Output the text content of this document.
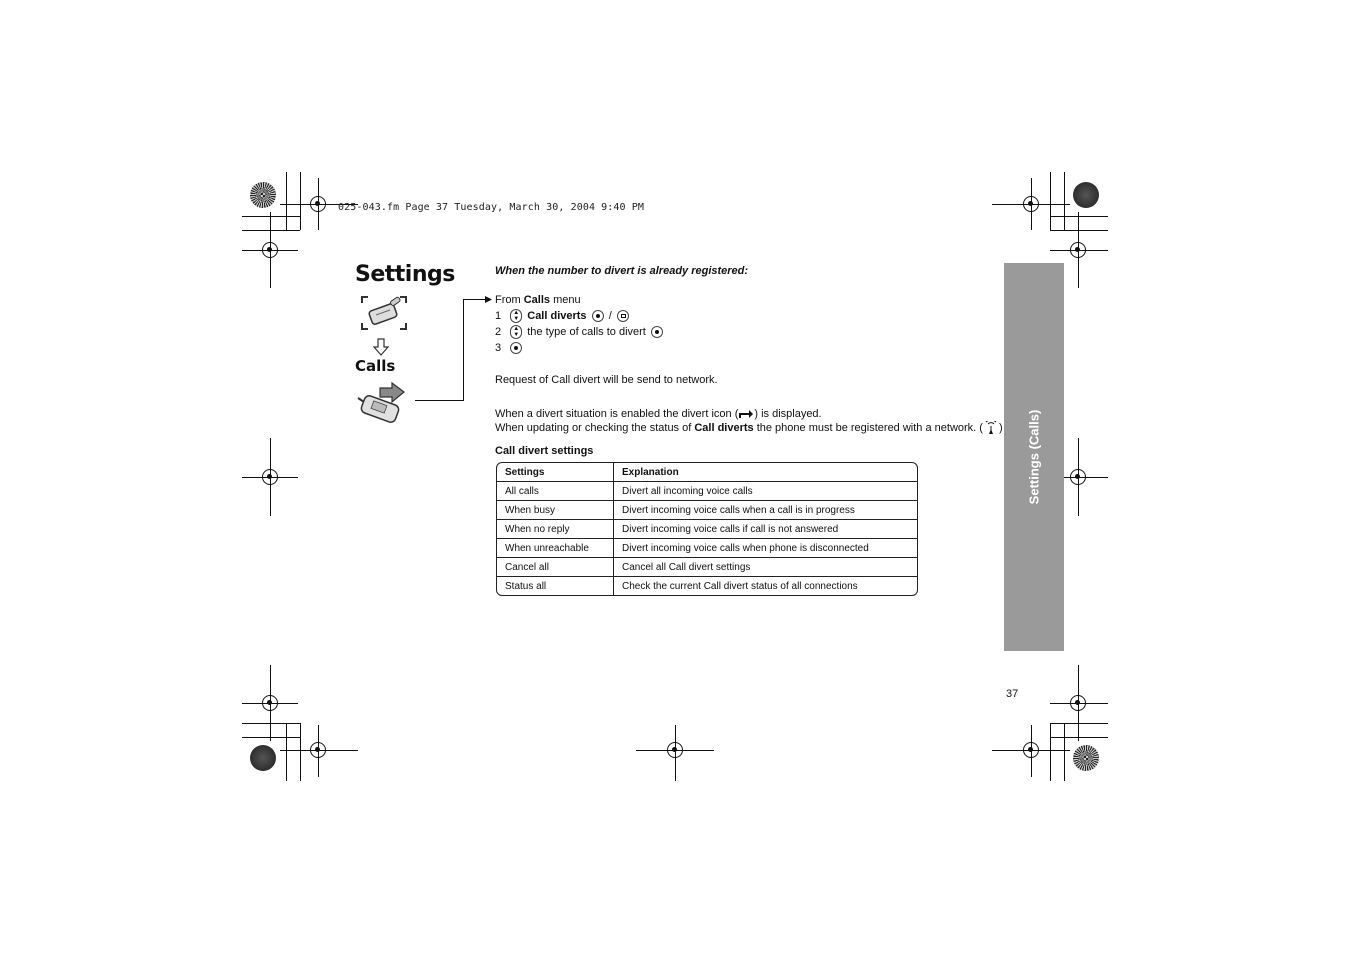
025-043.fm Page 37 Tuesday, March 30, 2004 9:40 PM
Settings
Calls
When the number to divert is already registered:
From Calls menu
1 ▲
▼ Call diverts /
2 ▲
▼ the type of calls to divert
3
Request of Call divert will be send to network.
When a divert situation is enabled the divert icon ( ) is displayed.
When updating or checking the status of Call diverts the phone must be registered with a network. ( )
Call divert settings
Settings	Explanation
All calls	Divert all incoming voice calls
When busy	Divert incoming voice calls when a call is in progress
When no reply	Divert incoming voice calls if call is not answered
When unreachable	Divert incoming voice calls when phone is disconnected
Cancel all	Cancel all Call divert settings
Status all	Check the current Call divert status of all connections
Settings (Calls)
37
